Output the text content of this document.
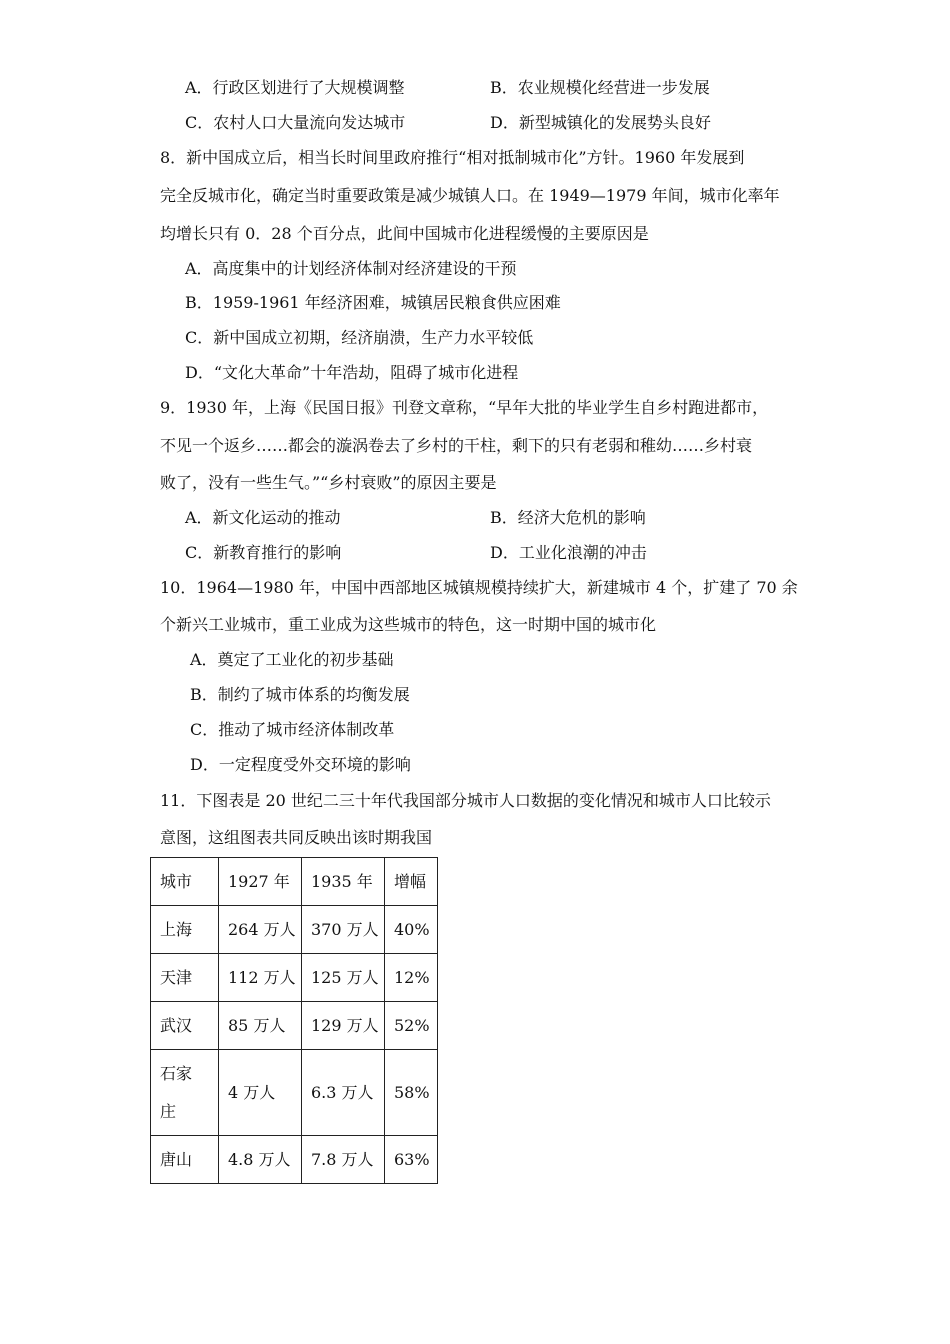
A．行政区划进行了大规模调整	B．农业规模化经营进一步发展
C．农村人口大量流向发达城市	D．新型城镇化的发展势头良好
8．新中国成立后，相当长时间里政府推行“相对抵制城市化”方针。1960 年发展到
完全反城市化，确定当时重要政策是减少城镇人口。在 1949—1979 年间，城市化率年
均增长只有 0．28 个百分点，此间中国城市化进程缓慢的主要原因是
A．高度集中的计划经济体制对经济建设的干预
B．1959-1961 年经济困难，城镇居民粮食供应困难
C．新中国成立初期，经济崩溃，生产力水平较低
D．“文化大革命”十年浩劫，阻碍了城市化进程
9．1930 年，上海《民国日报》刊登文章称，“早年大批的毕业学生自乡村跑进都市，
不见一个返乡……都会的漩涡卷去了乡村的干柱，剩下的只有老弱和稚幼……乡村衰
败了，没有一些生气。”“乡村衰败”的原因主要是
A．新文化运动的推动	B．经济大危机的影响
C．新教育推行的影响	D．工业化浪潮的冲击
10．1964—1980 年，中国中西部地区城镇规模持续扩大，新建城市 4 个，扩建了 70 余
个新兴工业城市，重工业成为这些城市的特色，这一时期中国的城市化
A．奠定了工业化的初步基础
B．制约了城市体系的均衡发展
C．推动了城市经济体制改革
D．一定程度受外交环境的影响
11．下图表是 20 世纪二三十年代我国部分城市人口数据的变化情况和城市人口比较示
意图，这组图表共同反映出该时期我国
城市	1927 年	1935 年	增幅
上海	264 万人	370 万人	40%
天津	112 万人	125 万人	12%
武汉	85 万人	129 万人	52%

石家庄	4 万人	6.3 万人	58%
唐山	4.8 万人	7.8 万人	63%
